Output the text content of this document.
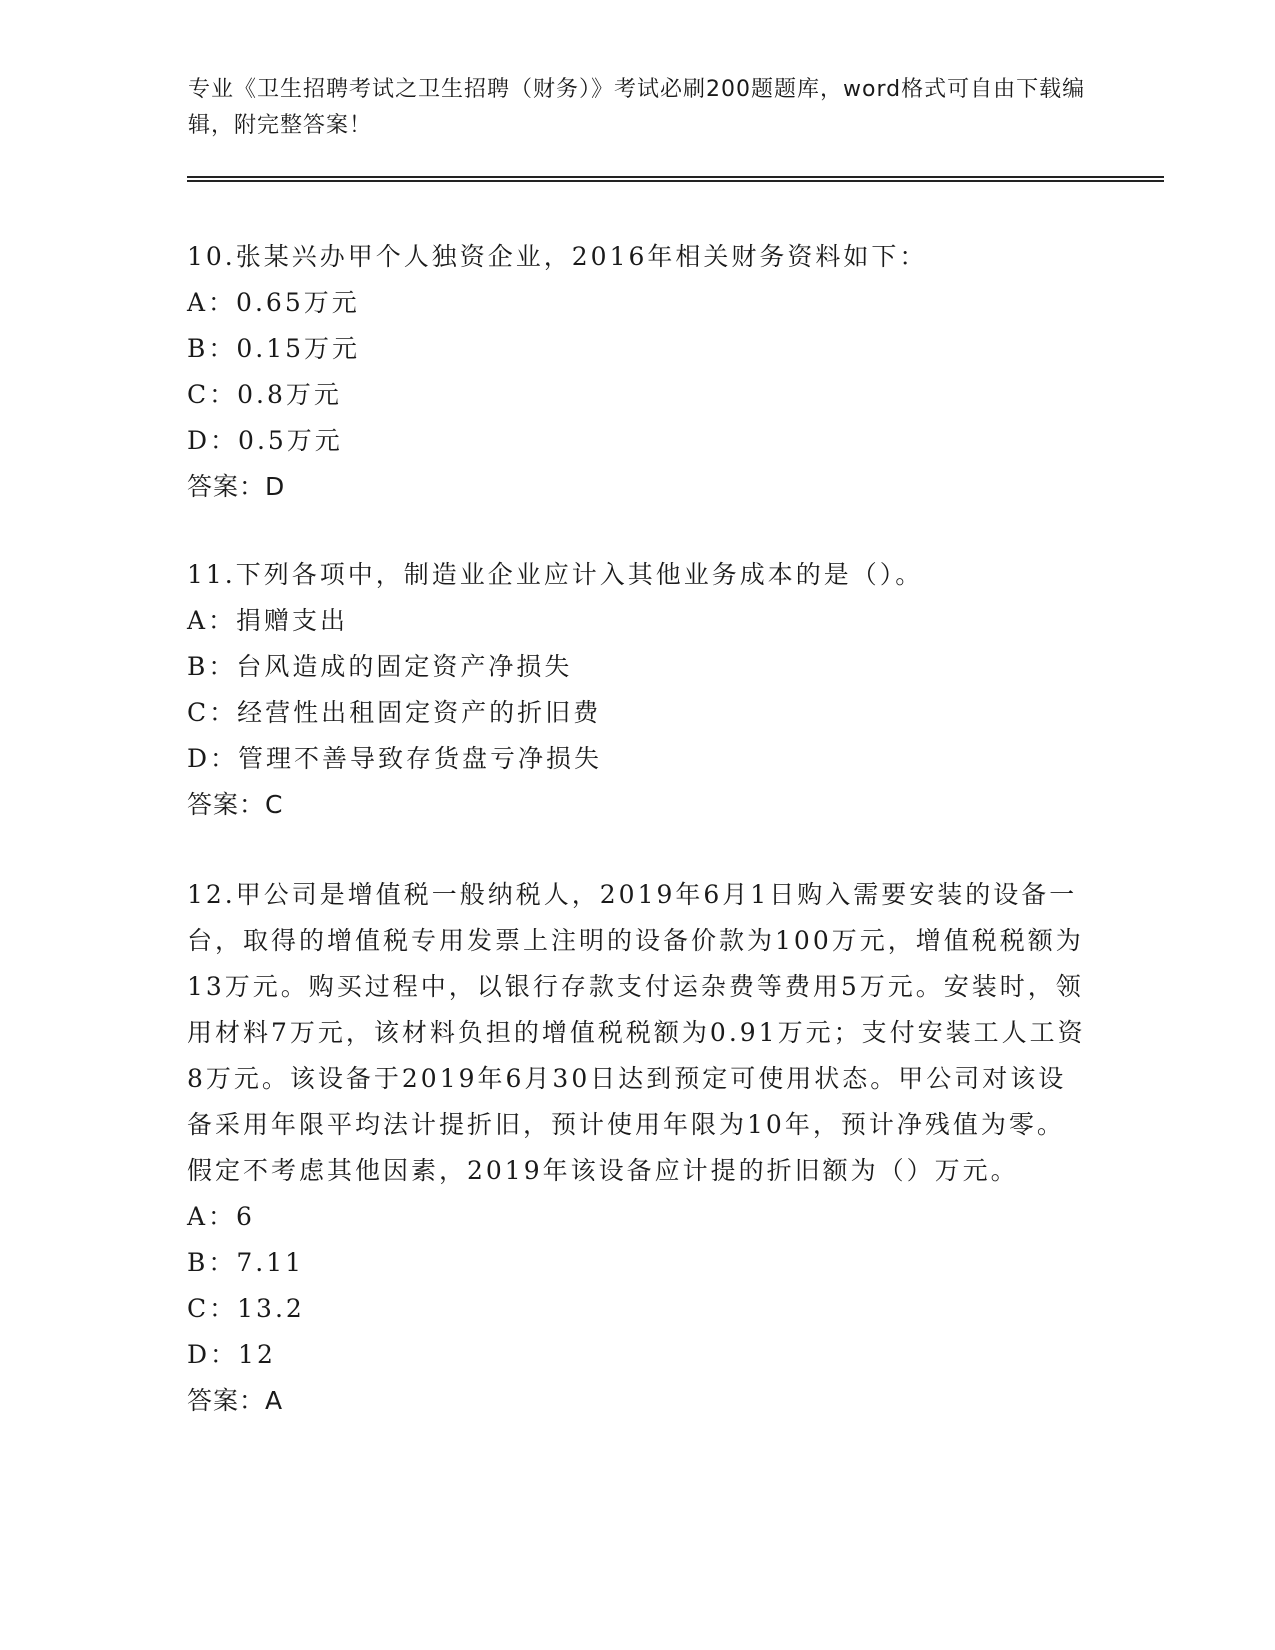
专业《卫生招聘考试之卫生招聘（财务）》考试必刷200题题库，word格式可自由下载编辑，附完整答案！

10.张某兴办甲个人独资企业，2016年相关财务资料如下：

A：0.65万元

B：0.15万元

C：0.8万元

D：0.5万元

答案：D

11.下列各项中，制造业企业应计入其他业务成本的是（）。

A：捐赠支出

B：台风造成的固定资产净损失

C：经营性出租固定资产的折旧费

D：管理不善导致存货盘亏净损失

答案：C

12.甲公司是增值税一般纳税人，2019年6月1日购入需要安装的设备一台，取得的增值税专用发票上注明的设备价款为100万元，增值税税额为13万元。购买过程中，以银行存款支付运杂费等费用5万元。安装时，领用材料7万元，该材料负担的增值税税额为0.91万元；支付安装工人工资8万元。该设备于2019年6月30日达到预定可使用状态。甲公司对该设备采用年限平均法计提折旧，预计使用年限为10年，预计净残值为零。假定不考虑其他因素，2019年该设备应计提的折旧额为（）万元。

A：6

B：7.11

C：13.2

D：12

答案：A
